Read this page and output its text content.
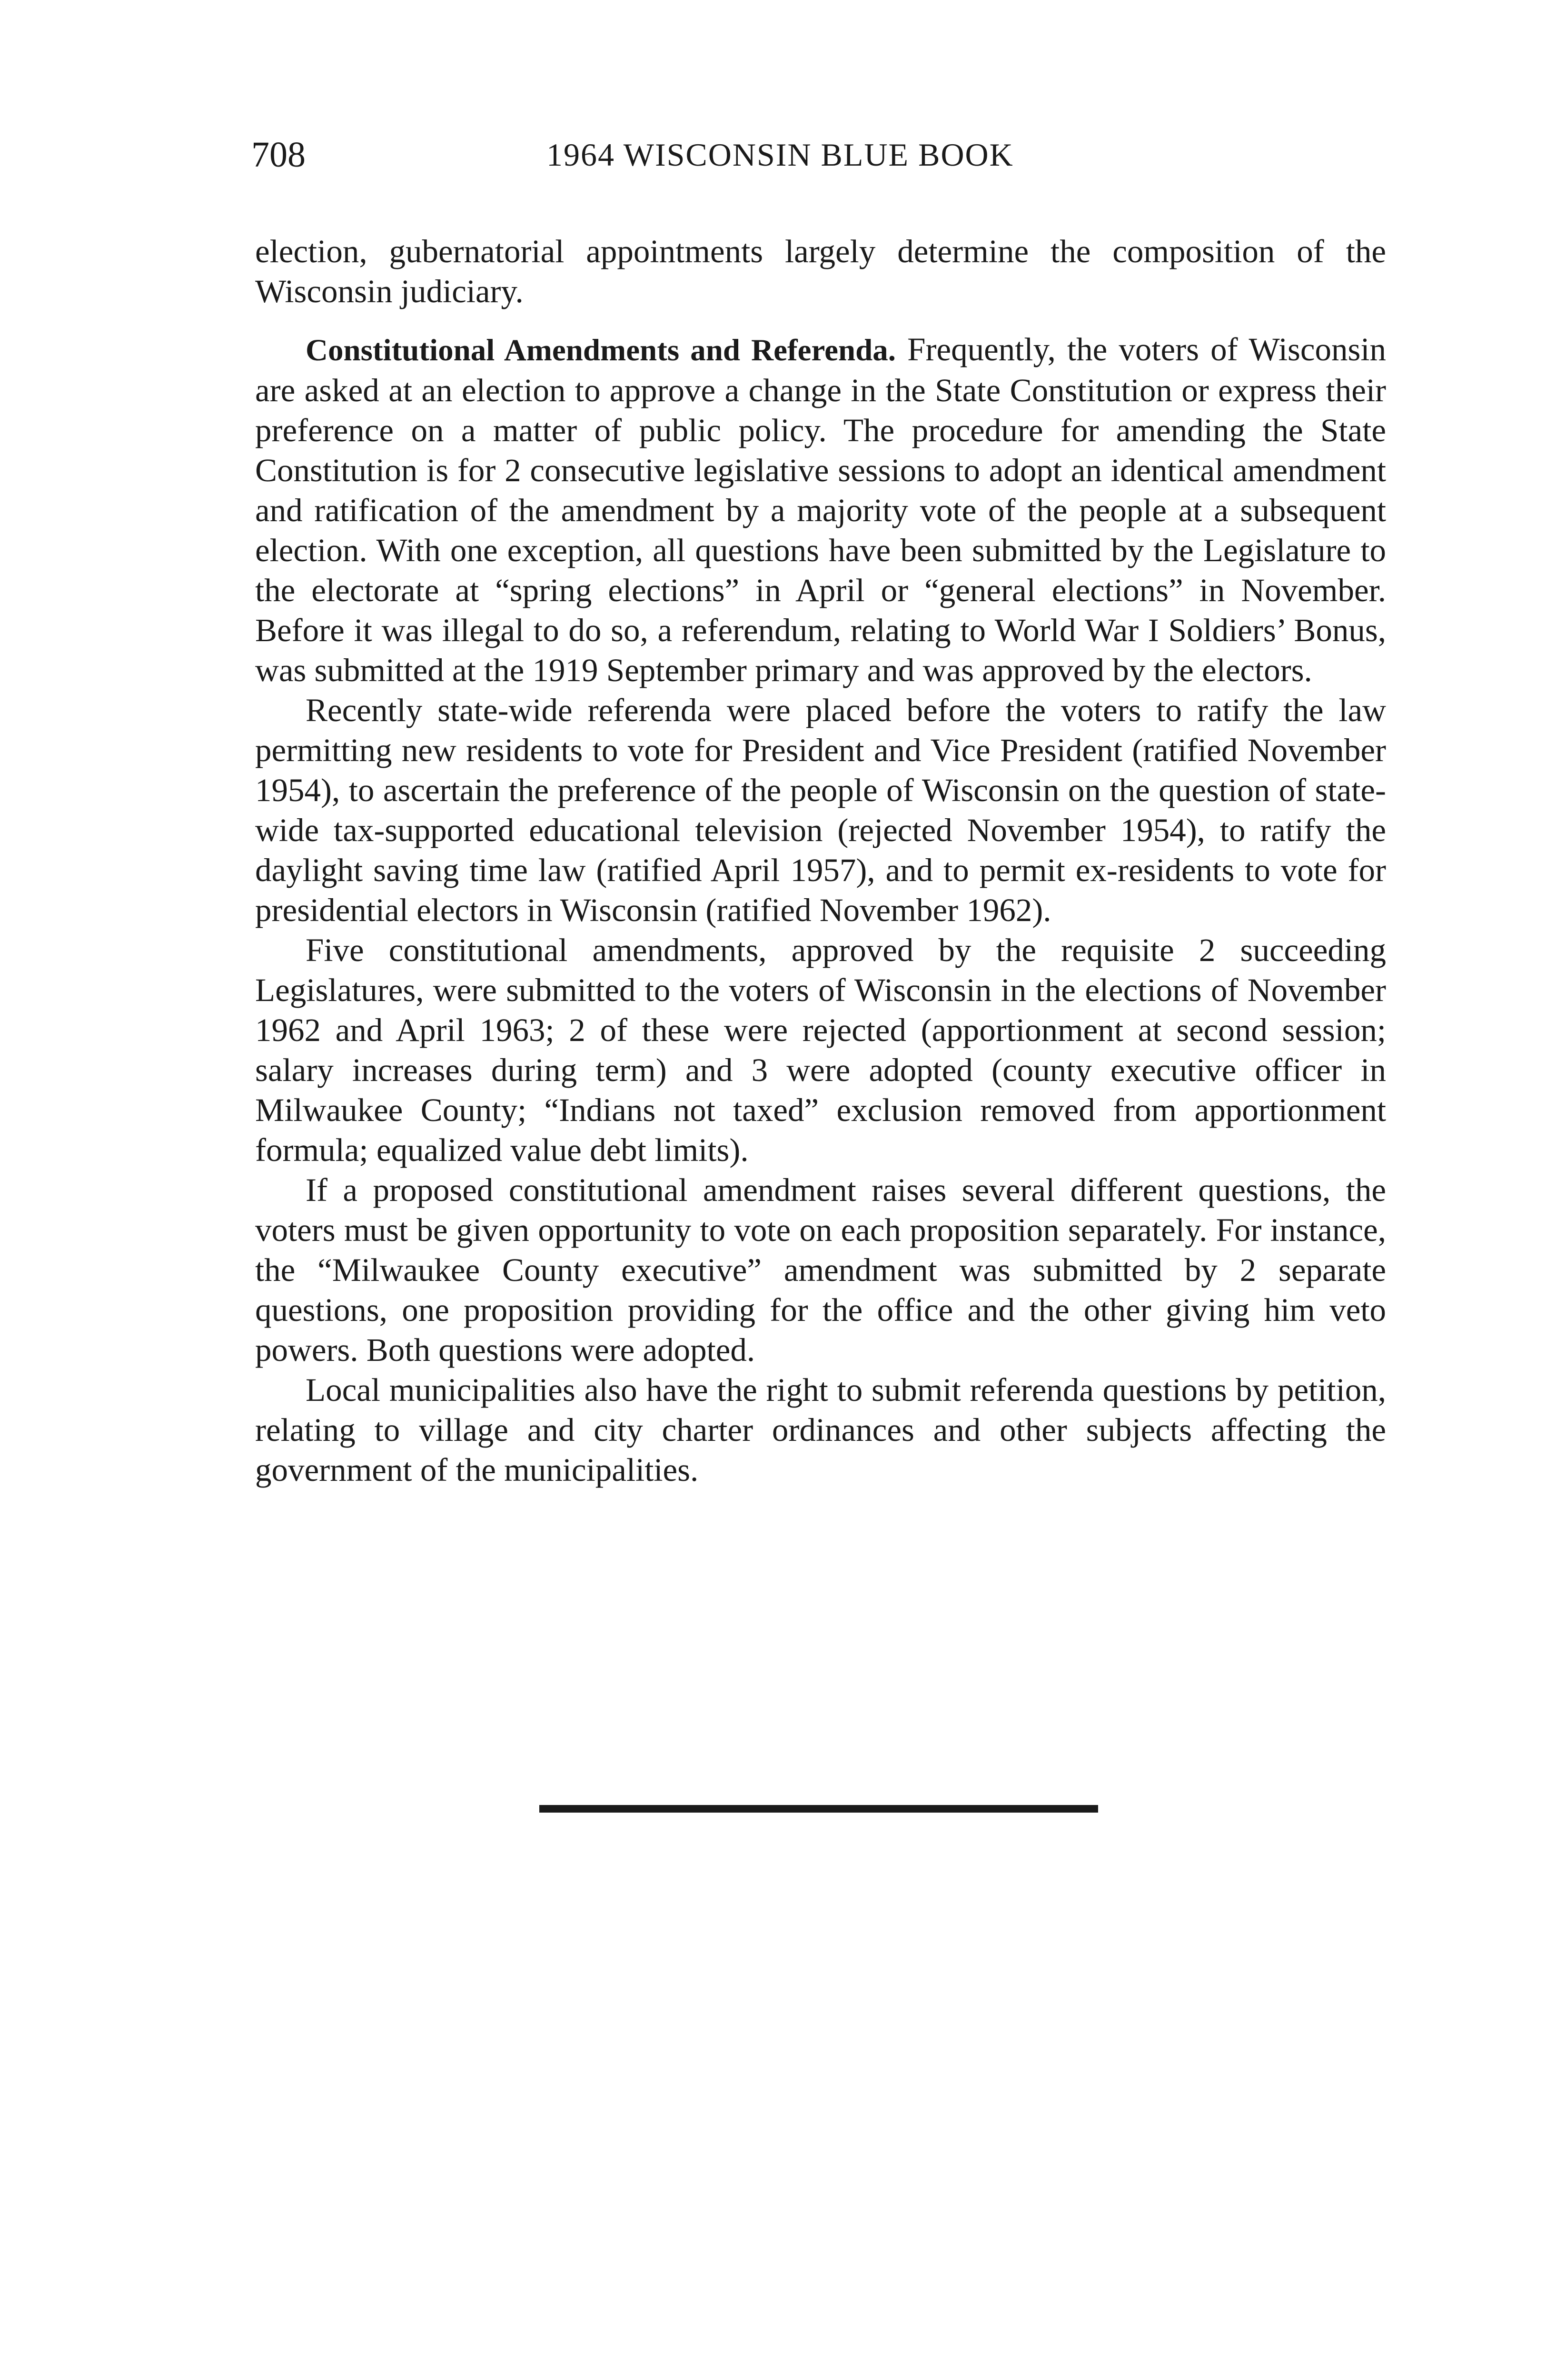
708	1964 WISCONSIN BLUE BOOK

election, gubernatorial appointments largely determine the composition of the Wisconsin judiciary.

Constitutional Amendments and Referenda. Frequently, the voters of Wisconsin are asked at an election to approve a change in the State Constitution or express their preference on a matter of public policy. The procedure for amending the State Constitution is for 2 consecutive legislative sessions to adopt an identical amendment and ratification of the amendment by a majority vote of the people at a subsequent election. With one exception, all questions have been submitted by the Legislature to the electorate at “spring elections” in April or “general elections” in November. Before it was illegal to do so, a referendum, relating to World War I Soldiers’ Bonus, was submitted at the 1919 September primary and was approved by the electors.

Recently state-wide referenda were placed before the voters to ratify the law permitting new residents to vote for President and Vice President (ratified November 1954), to ascertain the preference of the people of Wisconsin on the question of state-wide tax-supported educational television (rejected November 1954), to ratify the daylight saving time law (ratified April 1957), and to permit ex-residents to vote for presidential electors in Wisconsin (ratified November 1962).

Five constitutional amendments, approved by the requisite 2 succeeding Legislatures, were submitted to the voters of Wisconsin in the elections of November 1962 and April 1963; 2 of these were rejected (apportionment at second session; salary increases during term) and 3 were adopted (county executive officer in Milwaukee County; “Indians not taxed” exclusion removed from apportionment formula; equalized value debt limits).

If a proposed constitutional amendment raises several different questions, the voters must be given opportunity to vote on each proposition separately. For instance, the “Milwaukee County executive” amendment was submitted by 2 separate questions, one proposition providing for the office and the other giving him veto powers. Both questions were adopted.

Local municipalities also have the right to submit referenda questions by petition, relating to village and city charter ordinances and other subjects affecting the government of the municipalities.
